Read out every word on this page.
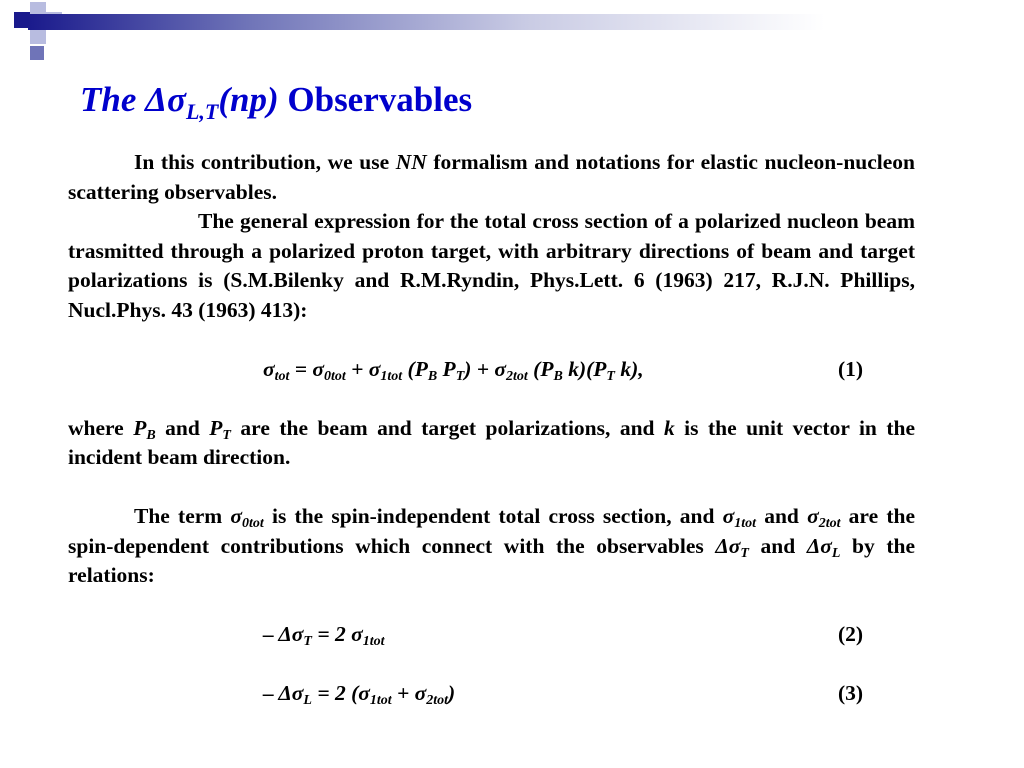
The $\Delta\sigma_{L,T}(np)$ Observables

In this contribution, we use NN formalism and notations for elastic nucleon-nucleon scattering observables.

The general expression for the total cross section of a polarized nucleon beam trasmitted through a polarized proton target, with arbitrary directions of beam and target polarizations is (S.M.Bilenky and R.M.Ryndin, Phys.Lett. 6 (1963) 217, R.J.N. Phillips, Nucl.Phys. 43 (1963) 413):

$\sigma_{tot} = \sigma_{0tot} + \sigma_{1tot}$ ($P_B$ $P_T) + \sigma_{2tot}$ ($P_B$ $k)(P_T$ k),	(1)

where $P_B$ and $P_T$ are the beam and target polarizations, and k is the unit vector in the incident beam direction.

The term $\sigma_{0tot}$ is the spin-independent total cross section, and $\sigma_{1tot}$ and $\sigma_{2tot}$ are the spin-dependent contributions which connect with the observables $\Delta\sigma_T$ and $\Delta\sigma_L$ by the relations:

– $\Delta\sigma_T = 2$ $\sigma_{1tot}$	(2)
– $\Delta\sigma_L = 2$ $(\sigma_{1tot} + \sigma_{2tot})$	(3)
